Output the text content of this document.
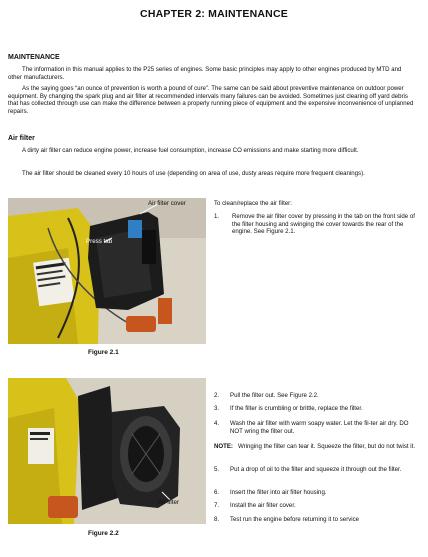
CHAPTER 2: MAINTENANCE
MAINTENANCE
The information in this manual applies to the P25 series of engines. Some basic principles may apply to other engines produced by MTD and other manufacturers.
As the saying goes “an ounce of prevention is worth a pound of cure”. The same can be said about preventive maintenance on outdoor power equipment. By changing the spark plug and air filter at recommended intervals many failures can be avoided. Sometimes just clearing off yard debris that has collected through use can make the difference between a properly running piece of equipment and the expensive inconvenience of unplanned repairs.
Air filter
A dirty air filter can reduce engine power, increase fuel consumption, increase CO emissions and make starting more difficult.
The air filter should be cleaned every 10 hours of use (depending on area of use, dusty areas require more frequent cleanings).
Air filter cover
Press tab
Figure 2.1
To clean/replace the air filter:
1. Remove the air filter cover by pressing in the tab on the front side of the filter housing and swinging the cover towards the rear of the engine. See Figure 2.1.
Air filter
Figure 2.2
2. Pull the filter out. See Figure 2.2.
3. If the filter is crumbling or brittle, replace the filter.
4. Wash the air filter with warm soapy water. Let the fil-ter air dry. DO NOT wring the filter out.
NOTE: Wringing the filter can tear it. Squeeze the filter, but do not twist it.
5. Put a drop of oil to the filter and squeeze it through out the filter.
6. Insert the filter into air filter housing.
7. Install the air filter cover.
8. Test run the engine before returning it to service
